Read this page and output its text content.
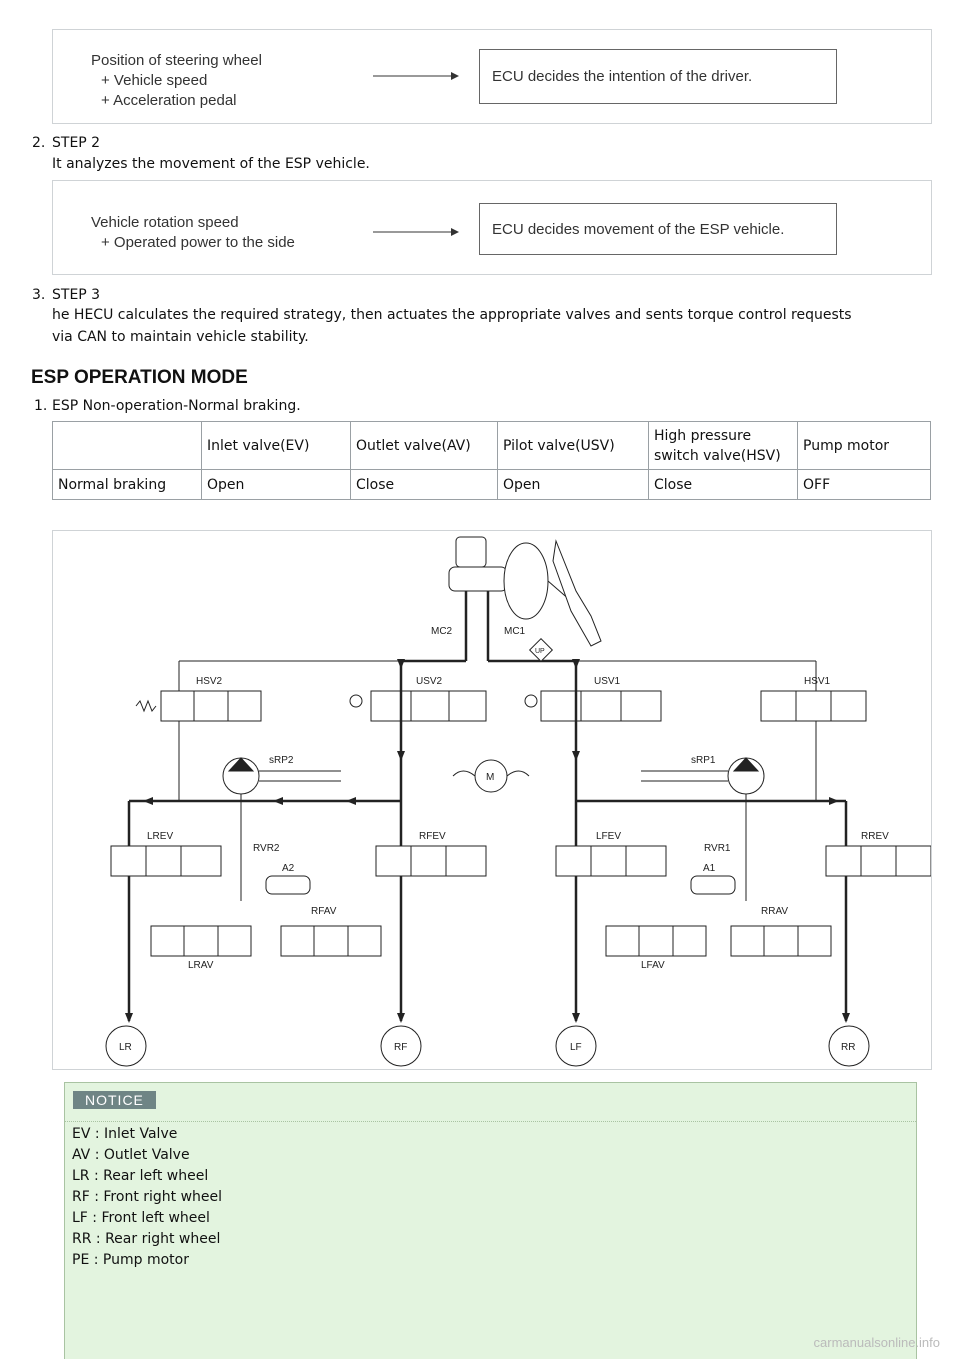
Position of steering wheel
+ Vehicle speed
+ Acceleration pedal
ECU decides the intention of the driver.
2. STEP 2
It analyzes the movement of the ESP vehicle.
Vehicle rotation speed
+ Operated power to the side
ECU decides movement of the ESP vehicle.
3. STEP 3
he HECU calculates the required strategy, then actuates the appropriate valves and sents torque control requests
via CAN to maintain vehicle stability.
ESP OPERATION MODE
1. ESP Non-operation-Normal braking.
	Inlet valve(EV)	Outlet valve(AV)	Pilot valve(USV)	High pressure
switch valve(HSV)	Pump motor
Normal braking	Open	Close	Open	Close	OFF
MC2	MC1
UP
HSV2	USV2	USV1	HSV1
sRP2	sRP1
M
LREV	RFEV	LFEV	RREV
RVR2	RVR1
A2	A1
RFAV	RRAV
LRAV	LFAV
LR	RF	LF	RR
NOTICE
EV : Inlet Valve
AV : Outlet Valve
LR : Rear left wheel
RF : Front right wheel
LF : Front left wheel
RR : Rear right wheel
PE : Pump motor
carmanualsonline.info
